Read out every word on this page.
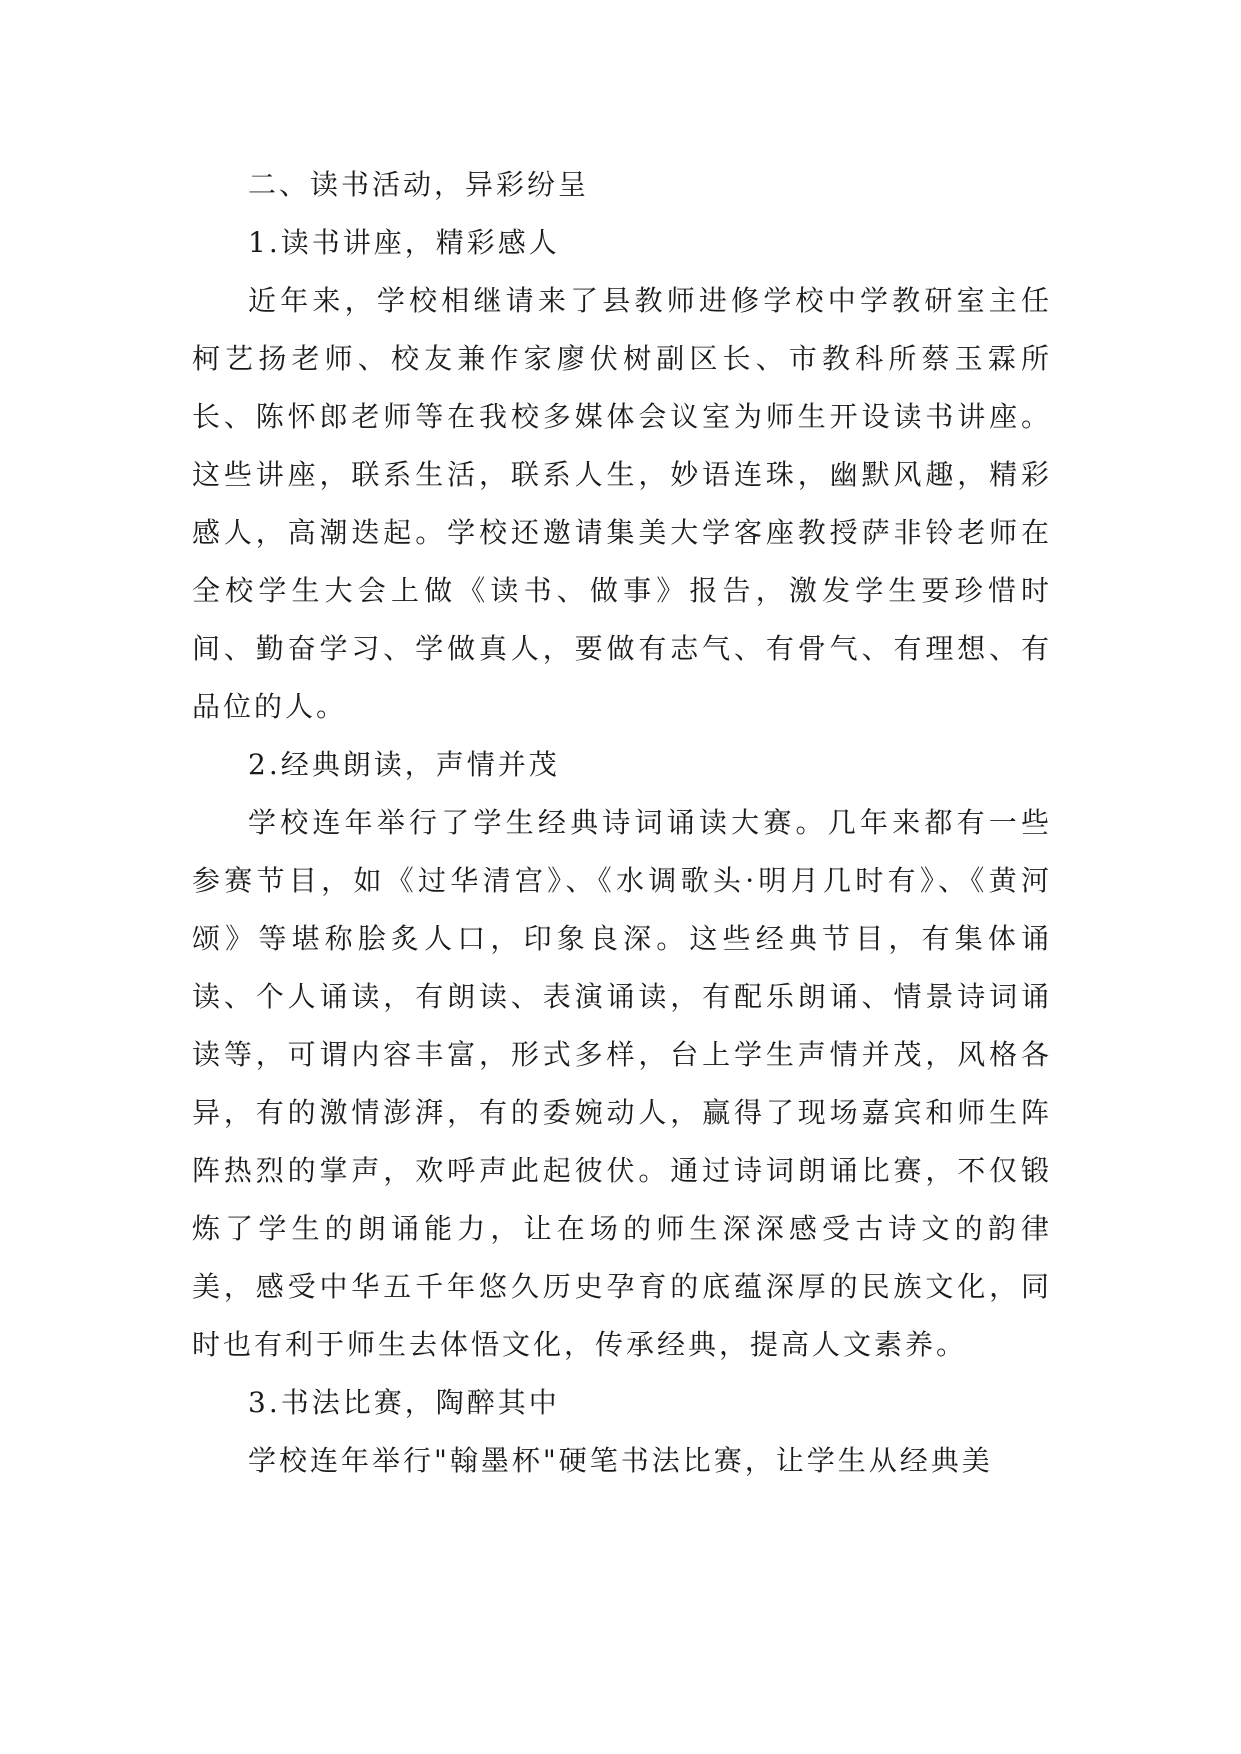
二、读书活动，异彩纷呈

1.读书讲座，精彩感人

近年来，学校相继请来了县教师进修学校中学教研室主任柯艺扬老师、校友兼作家廖伏树副区长、市教科所蔡玉霖所长、陈怀郎老师等在我校多媒体会议室为师生开设读书讲座。这些讲座，联系生活，联系人生，妙语连珠，幽默风趣，精彩感人，高潮迭起。学校还邀请集美大学客座教授萨非铃老师在全校学生大会上做《读书、做事》报告，激发学生要珍惜时间、勤奋学习、学做真人，要做有志气、有骨气、有理想、有品位的人。

2.经典朗读，声情并茂

学校连年举行了学生经典诗词诵读大赛。几年来都有一些参赛节目，如《过华清宫》、《水调歌头·明月几时有》、《黄河颂》等堪称脍炙人口，印象良深。这些经典节目，有集体诵读、个人诵读，有朗读、表演诵读，有配乐朗诵、情景诗词诵读等，可谓内容丰富，形式多样，台上学生声情并茂，风格各异，有的激情澎湃，有的委婉动人，赢得了现场嘉宾和师生阵阵热烈的掌声，欢呼声此起彼伏。通过诗词朗诵比赛，不仅锻炼了学生的朗诵能力，让在场的师生深深感受古诗文的韵律美，感受中华五千年悠久历史孕育的底蕴深厚的民族文化，同时也有利于师生去体悟文化，传承经典，提高人文素养。

3.书法比赛，陶醉其中

学校连年举行"翰墨杯"硬笔书法比赛，让学生从经典美
